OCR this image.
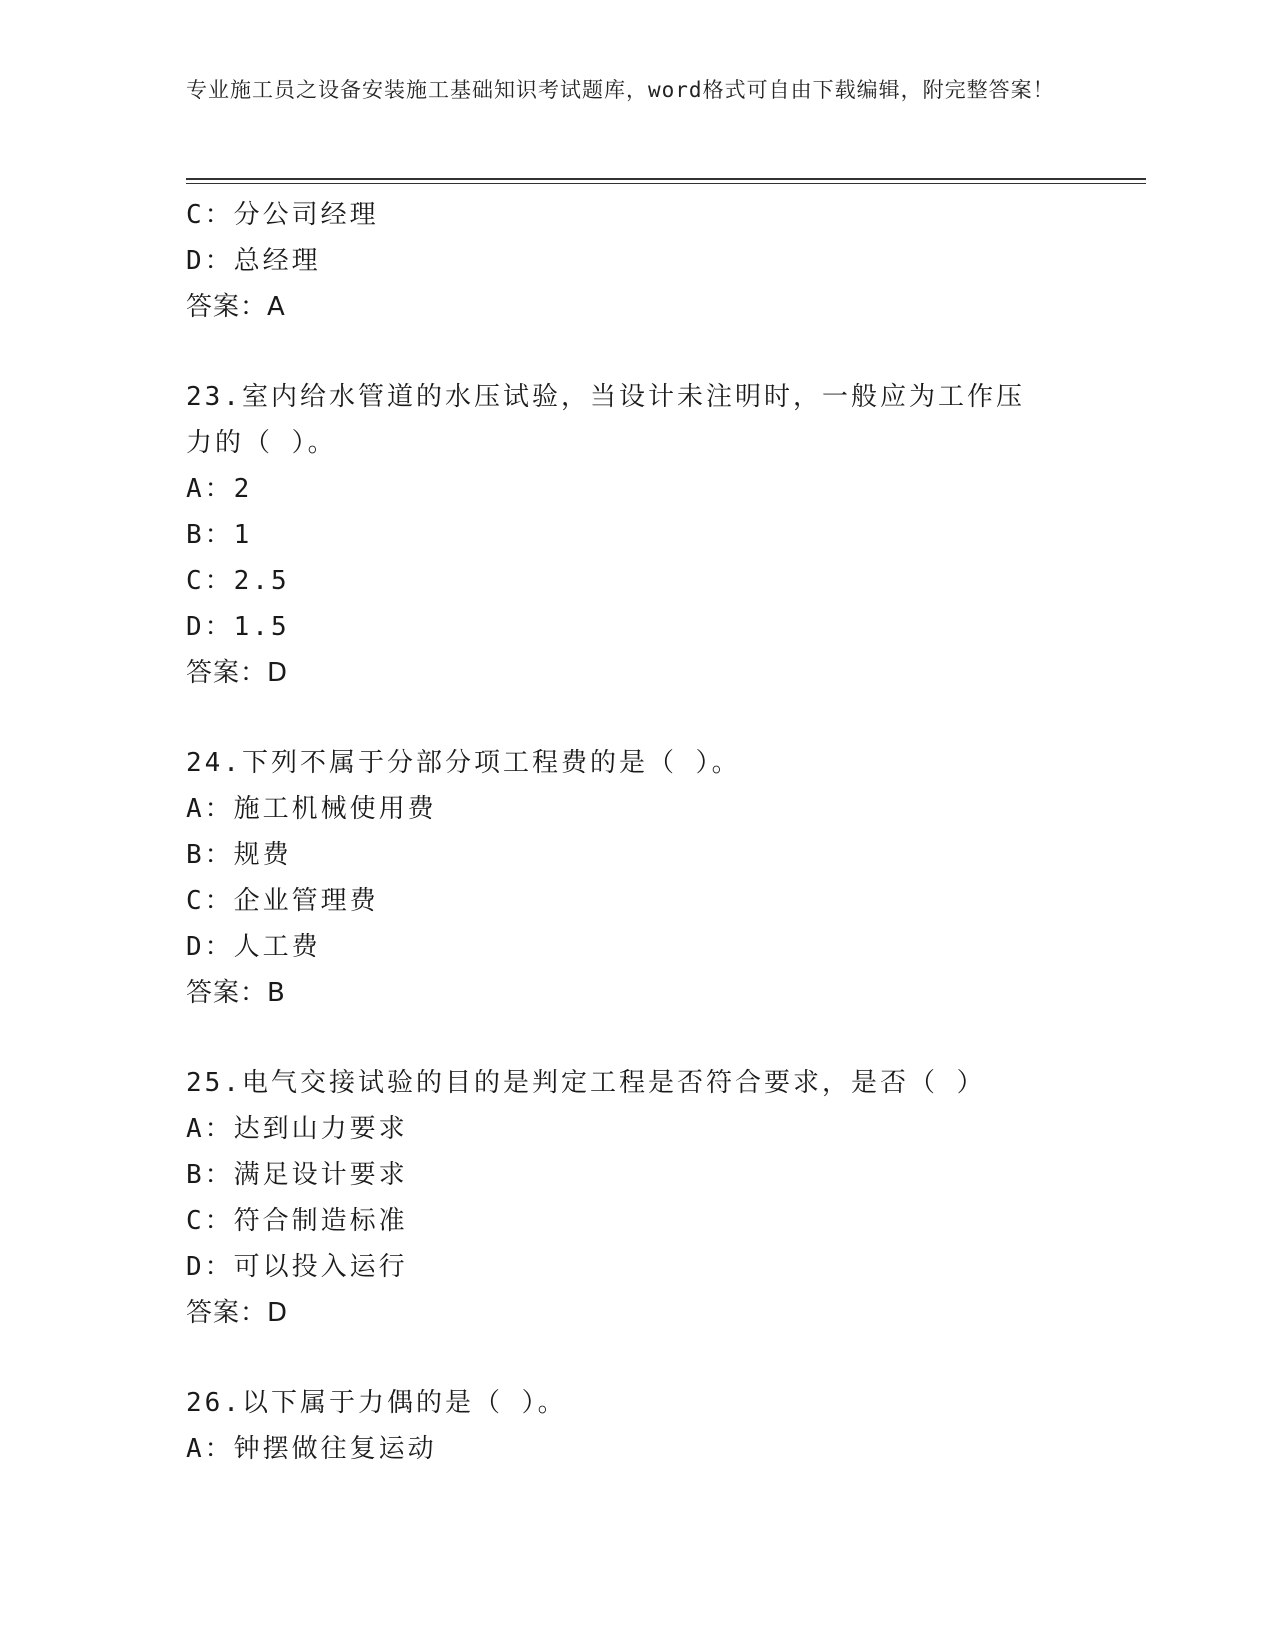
专业施工员之设备安装施工基础知识考试题库，word格式可自由下载编辑，附完整答案！
C：分公司经理
D：总经理
答案：A
23.室内给水管道的水压试验，当设计未注明时，一般应为工作压力的（ ）。
A：2
B：1
C：2.5
D：1.5
答案：D
24.下列不属于分部分项工程费的是（ ）。
A：施工机械使用费
B：规费
C：企业管理费
D：人工费
答案：B
25.电气交接试验的目的是判定工程是否符合要求，是否（ ）
A：达到山力要求
B：满足设计要求
C：符合制造标准
D：可以投入运行
答案：D
26.以下属于力偶的是（ ）。
A：钟摆做往复运动
